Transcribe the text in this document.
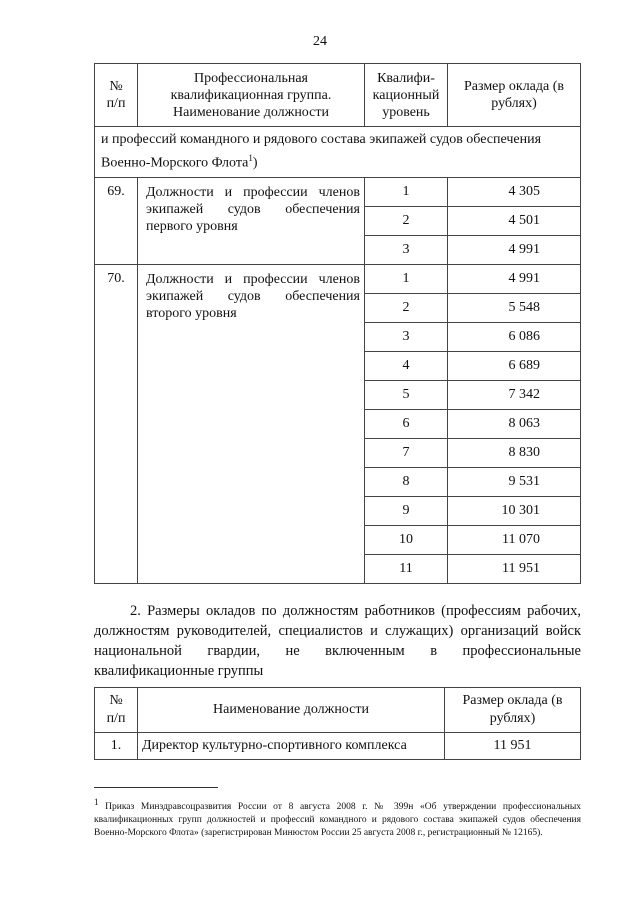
24
№
п/п	Профессиональная квалификационная группа. Наименование должности	Квалифи-кационный уровень	Размер оклада (в рублях)
и профессий командного и рядового состава экипажей судов обеспечения Военно-Морского Флота$^1$)			
69.	Должности и профессии членов экипажей судов обеспечения первого уровня	1	4 305
		2	4 501
		3	4 991
70.	Должности и профессии членов экипажей судов обеспечения второго уровня	1	4 991
		2	5 548
		3	6 086
		4	6 689
		5	7 342
		6	8 063
		7	8 830
		8	9 531
		9	10 301
		10	11 070
		11	11 951
2. Размеры окладов по должностям работников (профессиям рабочих, должностям руководителей, специалистов и служащих) организаций войск национальной гвардии, не включенным в профессиональные квалификационные группы
№
п/п	Наименование должности	Размер оклада (в рублях)
1.	Директор культурно-спортивного комплекса	11 951
$^1$ Приказ Минздравсоцразвития России от 8 августа 2008 г. № 399н «Об утверждении профессиональных квалификационных групп должностей и профессий командного и рядового состава экипажей судов обеспечения Военно-Морского Флота» (зарегистрирован Минюстом России 25 августа 2008 г., регистрационный № 12165).
